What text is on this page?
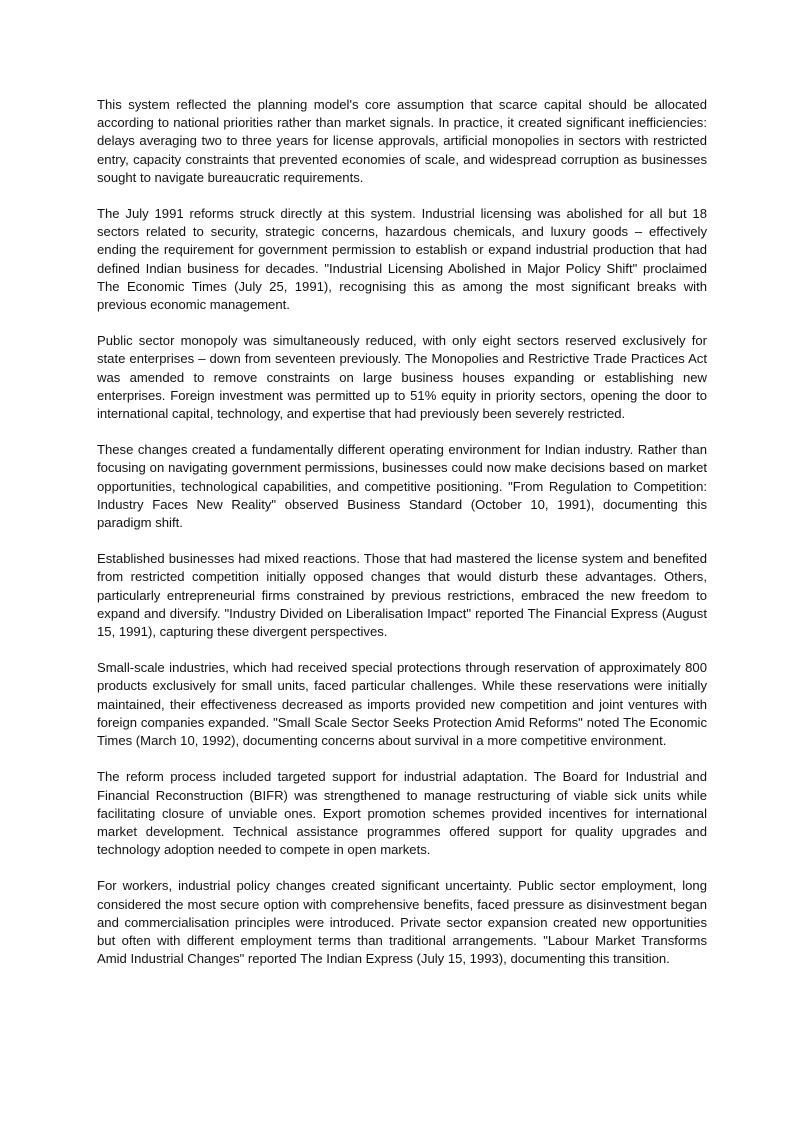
This system reflected the planning model's core assumption that scarce capital should be allocated according to national priorities rather than market signals. In practice, it created significant inefficiencies: delays averaging two to three years for license approvals, artificial monopolies in sectors with restricted entry, capacity constraints that prevented economies of scale, and widespread corruption as businesses sought to navigate bureaucratic requirements.

The July 1991 reforms struck directly at this system. Industrial licensing was abolished for all but 18 sectors related to security, strategic concerns, hazardous chemicals, and luxury goods – effectively ending the requirement for government permission to establish or expand industrial production that had defined Indian business for decades. "Industrial Licensing Abolished in Major Policy Shift" proclaimed The Economic Times (July 25, 1991), recognising this as among the most significant breaks with previous economic management.

Public sector monopoly was simultaneously reduced, with only eight sectors reserved exclusively for state enterprises – down from seventeen previously. The Monopolies and Restrictive Trade Practices Act was amended to remove constraints on large business houses expanding or establishing new enterprises. Foreign investment was permitted up to 51% equity in priority sectors, opening the door to international capital, technology, and expertise that had previously been severely restricted.

These changes created a fundamentally different operating environment for Indian industry. Rather than focusing on navigating government permissions, businesses could now make decisions based on market opportunities, technological capabilities, and competitive positioning. "From Regulation to Competition: Industry Faces New Reality" observed Business Standard (October 10, 1991), documenting this paradigm shift.

Established businesses had mixed reactions. Those that had mastered the license system and benefited from restricted competition initially opposed changes that would disturb these advantages. Others, particularly entrepreneurial firms constrained by previous restrictions, embraced the new freedom to expand and diversify. "Industry Divided on Liberalisation Impact" reported The Financial Express (August 15, 1991), capturing these divergent perspectives.

Small-scale industries, which had received special protections through reservation of approximately 800 products exclusively for small units, faced particular challenges. While these reservations were initially maintained, their effectiveness decreased as imports provided new competition and joint ventures with foreign companies expanded. "Small Scale Sector Seeks Protection Amid Reforms" noted The Economic Times (March 10, 1992), documenting concerns about survival in a more competitive environment.

The reform process included targeted support for industrial adaptation. The Board for Industrial and Financial Reconstruction (BIFR) was strengthened to manage restructuring of viable sick units while facilitating closure of unviable ones. Export promotion schemes provided incentives for international market development. Technical assistance programmes offered support for quality upgrades and technology adoption needed to compete in open markets.

For workers, industrial policy changes created significant uncertainty. Public sector employment, long considered the most secure option with comprehensive benefits, faced pressure as disinvestment began and commercialisation principles were introduced. Private sector expansion created new opportunities but often with different employment terms than traditional arrangements. "Labour Market Transforms Amid Industrial Changes" reported The Indian Express (July 15, 1993), documenting this transition.
